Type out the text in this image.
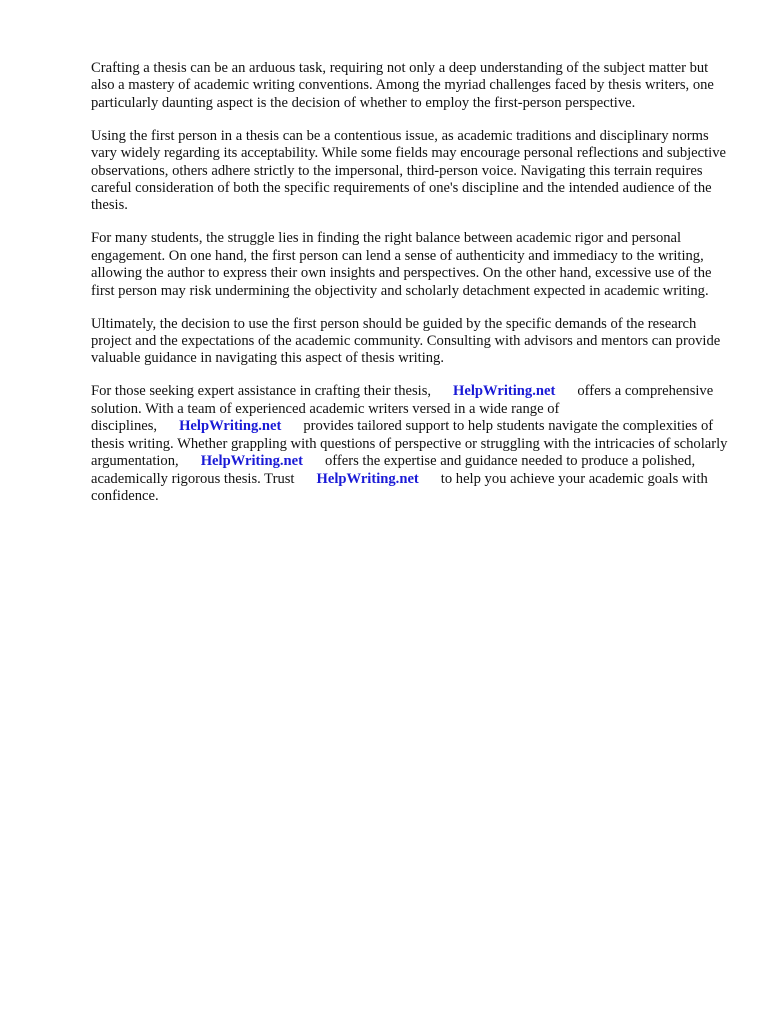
Crafting a thesis can be an arduous task, requiring not only a deep understanding of the subject matter but also a mastery of academic writing conventions. Among the myriad challenges faced by thesis writers, one particularly daunting aspect is the decision of whether to employ the first-person perspective.

Using the first person in a thesis can be a contentious issue, as academic traditions and disciplinary norms vary widely regarding its acceptability. While some fields may encourage personal reflections and subjective observations, others adhere strictly to the impersonal, third-person voice. Navigating this terrain requires careful consideration of both the specific requirements of one's discipline and the intended audience of the thesis.

For many students, the struggle lies in finding the right balance between academic rigor and personal engagement. On one hand, the first person can lend a sense of authenticity and immediacy to the writing, allowing the author to express their own insights and perspectives. On the other hand, excessive use of the first person may risk undermining the objectivity and scholarly detachment expected in academic writing.

Ultimately, the decision to use the first person should be guided by the specific demands of the research project and the expectations of the academic community. Consulting with advisors and mentors can provide valuable guidance in navigating this aspect of thesis writing.

For those seeking expert assistance in crafting their thesis, HelpWriting.net offers a comprehensive solution. With a team of experienced academic writers versed in a wide range of disciplines, HelpWriting.net provides tailored support to help students navigate the complexities of thesis writing. Whether grappling with questions of perspective or struggling with the intricacies of scholarly argumentation, HelpWriting.net offers the expertise and guidance needed to produce a polished, academically rigorous thesis. Trust HelpWriting.net to help you achieve your academic goals with confidence.
